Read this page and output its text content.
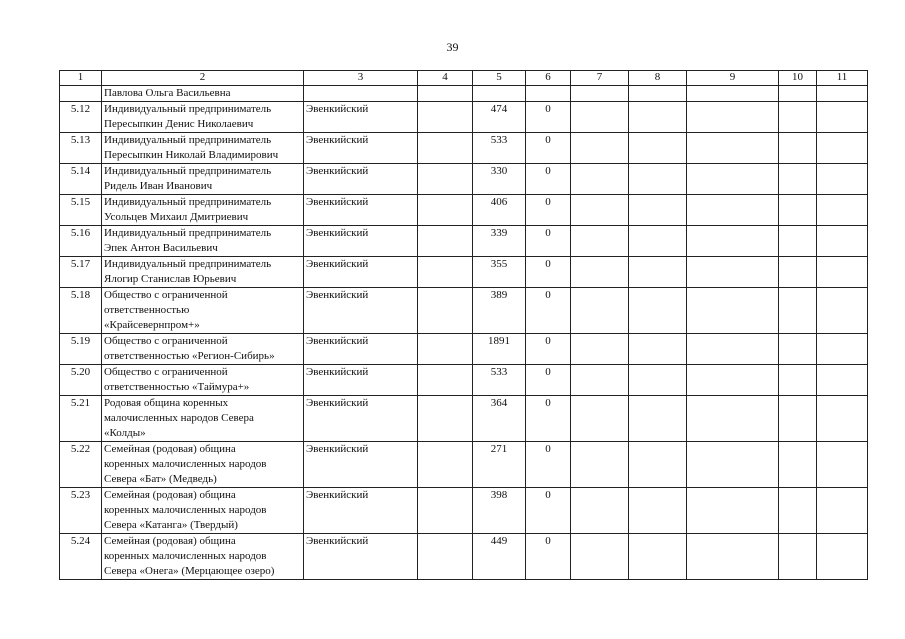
39
1	2	3	4	5	6	7	8	9	10	11
	Павлова Ольга Васильевна									
5.12	Индивидуальный предприниматель
Пересыпкин Денис Николаевич	Эвенкийский		474	0					
5.13	Индивидуальный предприниматель
Пересыпкин Николай Владимирович	Эвенкийский		533	0					
5.14	Индивидуальный предприниматель
Ридель Иван Иванович	Эвенкийский		330	0					
5.15	Индивидуальный предприниматель
Усольцев Михаил Дмитриевич	Эвенкийский		406	0					
5.16	Индивидуальный предприниматель
Эпек Антон Васильевич	Эвенкийский		339	0					
5.17	Индивидуальный предприниматель
Ялогир Станислав Юрьевич	Эвенкийский		355	0					
5.18	Общество с ограниченной
ответственностью
«Крайсевернпром+»	Эвенкийский		389	0					
5.19	Общество с ограниченной
ответственностью «Регион-Сибирь»	Эвенкийский		1891	0					
5.20	Общество с ограниченной
ответственностью «Таймура+»	Эвенкийский		533	0					
5.21	Родовая община коренных
малочисленных народов Севера
«Колды»	Эвенкийский		364	0					
5.22	Семейная (родовая) община
коренных малочисленных народов
Севера «Бат» (Медведь)	Эвенкийский		271	0					
5.23	Семейная (родовая) община
коренных малочисленных народов
Севера «Катанга» (Твердый)	Эвенкийский		398	0					
5.24	Семейная (родовая) община
коренных малочисленных народов
Севера «Онега» (Мерцающее озеро)	Эвенкийский		449	0					
